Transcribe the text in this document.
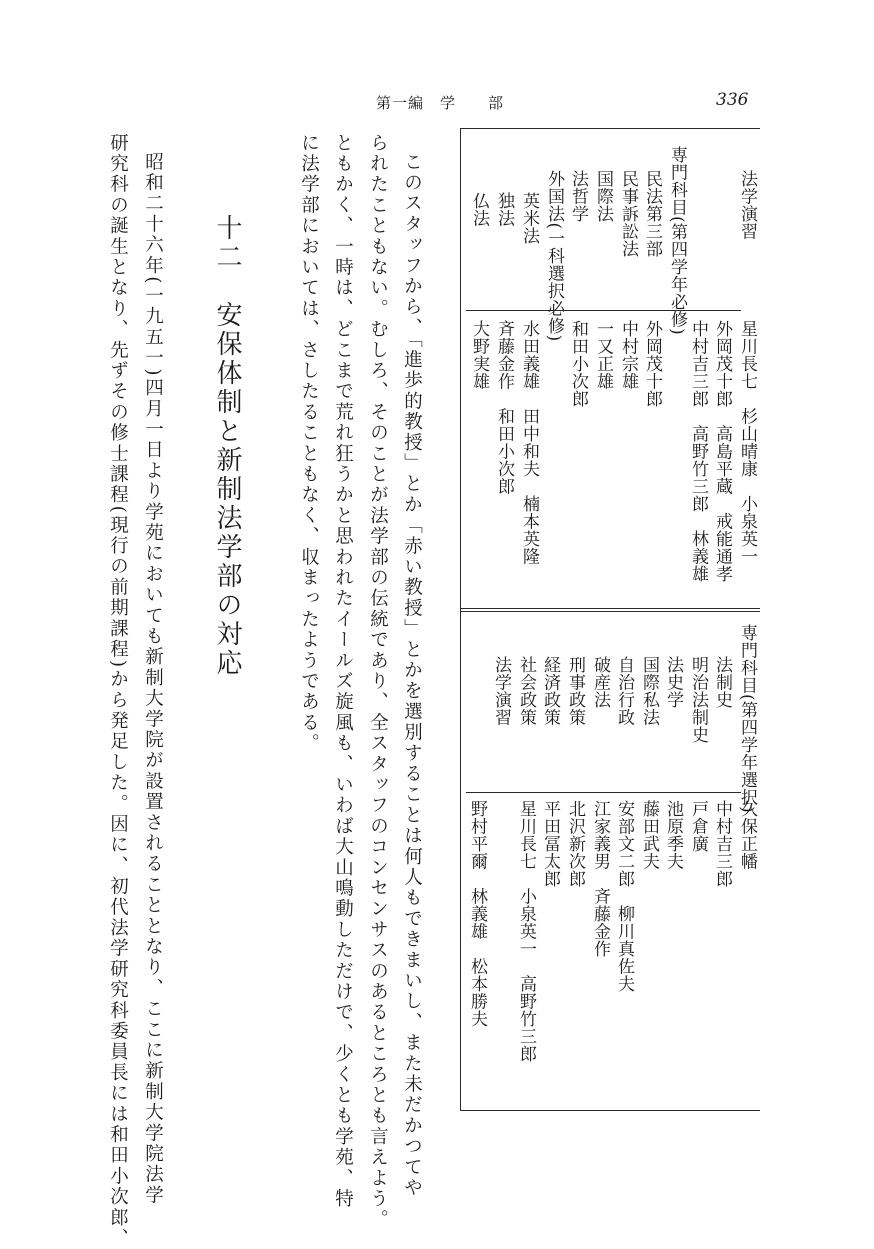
第一編　学　　部	336
法学演習
専門科目(第四学年必修)
民法第三部
民事訴訟法
国際法
法哲学
外国法(一科選択必修)
英米法
独法
仏法
星川長七　杉山晴康　小泉英一
外岡茂十郎　高島平蔵　戒能通孝
中村吉三郎　高野竹三郎　林義雄
外岡茂十郎
中村宗雄
一又正雄
和田小次郎
水田義雄　田中和夫　楠本英隆
斉藤金作　和田小次郎
大野実雄
専門科目(第四学年選択)
法制史
明治法制史
法史学
国際私法
自治行政
破産法
刑事政策
経済政策
社会政策
法学演習
久保正幡
中村吉三郎
戸倉廣
池原季夫
藤田武夫
安部文二郎　柳川真佐夫
江家義男　斉藤金作
北沢新次郎
平田冨太郎
星川長七　小泉英一　高野竹三郎
野村平爾　林義雄　松本勝夫
このスタッフから、「進歩的教授」とか「赤い教授」とかを選別することは何人もできまいし、また未だかつてや
られたこともない。むしろ、そのことが法学部の伝統であり、全スタッフのコンセンサスのあるところとも言えよう。
ともかく、一時は、どこまで荒れ狂うかと思われたイールズ旋風も、いわば大山鳴動しただけで、少くとも学苑、特
に法学部においては、さしたることもなく、収まったようである。
十二　安保体制と新制法学部の対応
昭和二十六年(一九五一)四月一日より学苑においても新制大学院が設置されることとなり、ここに新制大学院法学
研究科の誕生となり、先ずその修士課程(現行の前期課程)から発足した。因に、初代法学研究科委員長には和田小次郎、
